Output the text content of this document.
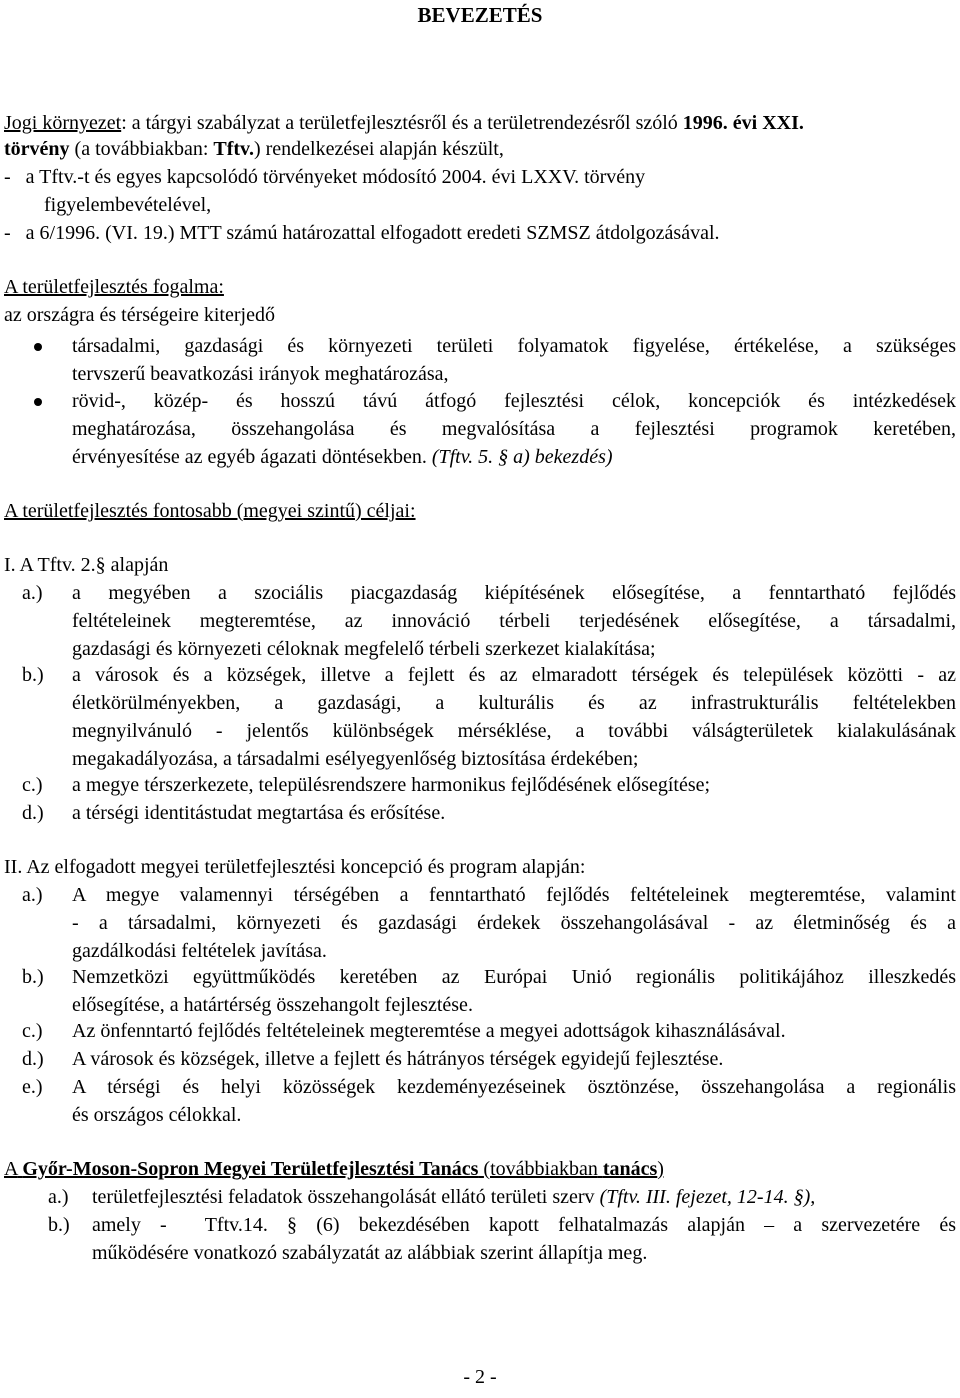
BEVEZETÉS
Jogi környezet: a tárgyi szabályzat a területfejlesztésről és a területrendezésről szóló 1996. évi XXI.
törvény (a továbbiakban: Tftv.) rendelkezései alapján készült,
-   a Tftv.-t és egyes kapcsolódó törvényeket módosító 2004. évi LXXV. törvény
figyelembevételével,
-   a 6/1996. (VI. 19.) MTT számú határozattal elfogadott eredeti SZMSZ átdolgozásával.
A területfejlesztés fogalma:
az országra és térségeire kiterjedő
társadalmi, gazdasági és környezeti területi folyamatok figyelése, értékelése, a szükséges
tervszerű beavatkozási irányok meghatározása,
rövid-, közép- és hosszú távú átfogó fejlesztési célok, koncepciók és intézkedések
meghatározása, összehangolása és megvalósítása a fejlesztési programok keretében,
érvényesítése az egyéb ágazati döntésekben. (Tftv. 5. § a) bekezdés)
A területfejlesztés fontosabb (megyei szintű) céljai:
I. A Tftv. 2.§ alapján
a.) a megyében a szociális piacgazdaság kiépítésének elősegítése, a fenntartható fejlődés
feltételeinek megteremtése, az innováció térbeli terjedésének elősegítése, a társadalmi,
gazdasági és környezeti céloknak megfelelő térbeli szerkezet kialakítása;
b.) a városok és a községek, illetve a fejlett és az elmaradott térségek és települések közötti - az
életkörülményekben, a gazdasági, a kulturális és az infrastrukturális feltételekben
megnyilvánuló - jelentős különbségek mérséklése, a további válságterületek kialakulásának
megakadályozása, a társadalmi esélyegyenlőség biztosítása érdekében;
c.) a megye térszerkezete, településrendszere harmonikus fejlődésének elősegítése;
d.) a térségi identitástudat megtartása és erősítése.
II. Az elfogadott megyei területfejlesztési koncepció és program alapján:
a.) A megye valamennyi térségében a fenntartható fejlődés feltételeinek megteremtése, valamint
- a társadalmi, környezeti és gazdasági érdekek összehangolásával - az életminőség és a
gazdálkodási feltételek javítása.
b.) Nemzetközi együttműködés keretében az Európai Unió regionális politikájához illeszkedés
elősegítése, a határtérség összehangolt fejlesztése.
c.) Az önfenntartó fejlődés feltételeinek megteremtése a megyei adottságok kihasználásával.
d.) A városok és községek, illetve a fejlett és hátrányos térségek egyidejű fejlesztése.
e.) A térségi és helyi közösségek kezdeményezéseinek ösztönzése, összehangolása a regionális
és országos célokkal.
A Győr-Moson-Sopron Megyei Területfejlesztési Tanács (továbbiakban tanács)
a.) területfejlesztési feladatok összehangolását ellátó területi szerv (Tftv. III. fejezet, 12-14. §),
b.) amely -  Tftv.14. § (6) bekezdésében kapott felhatalmazás alapján – a szervezetére és
működésére vonatkozó szabályzatát az alábbiak szerint állapítja meg.
- 2 -
